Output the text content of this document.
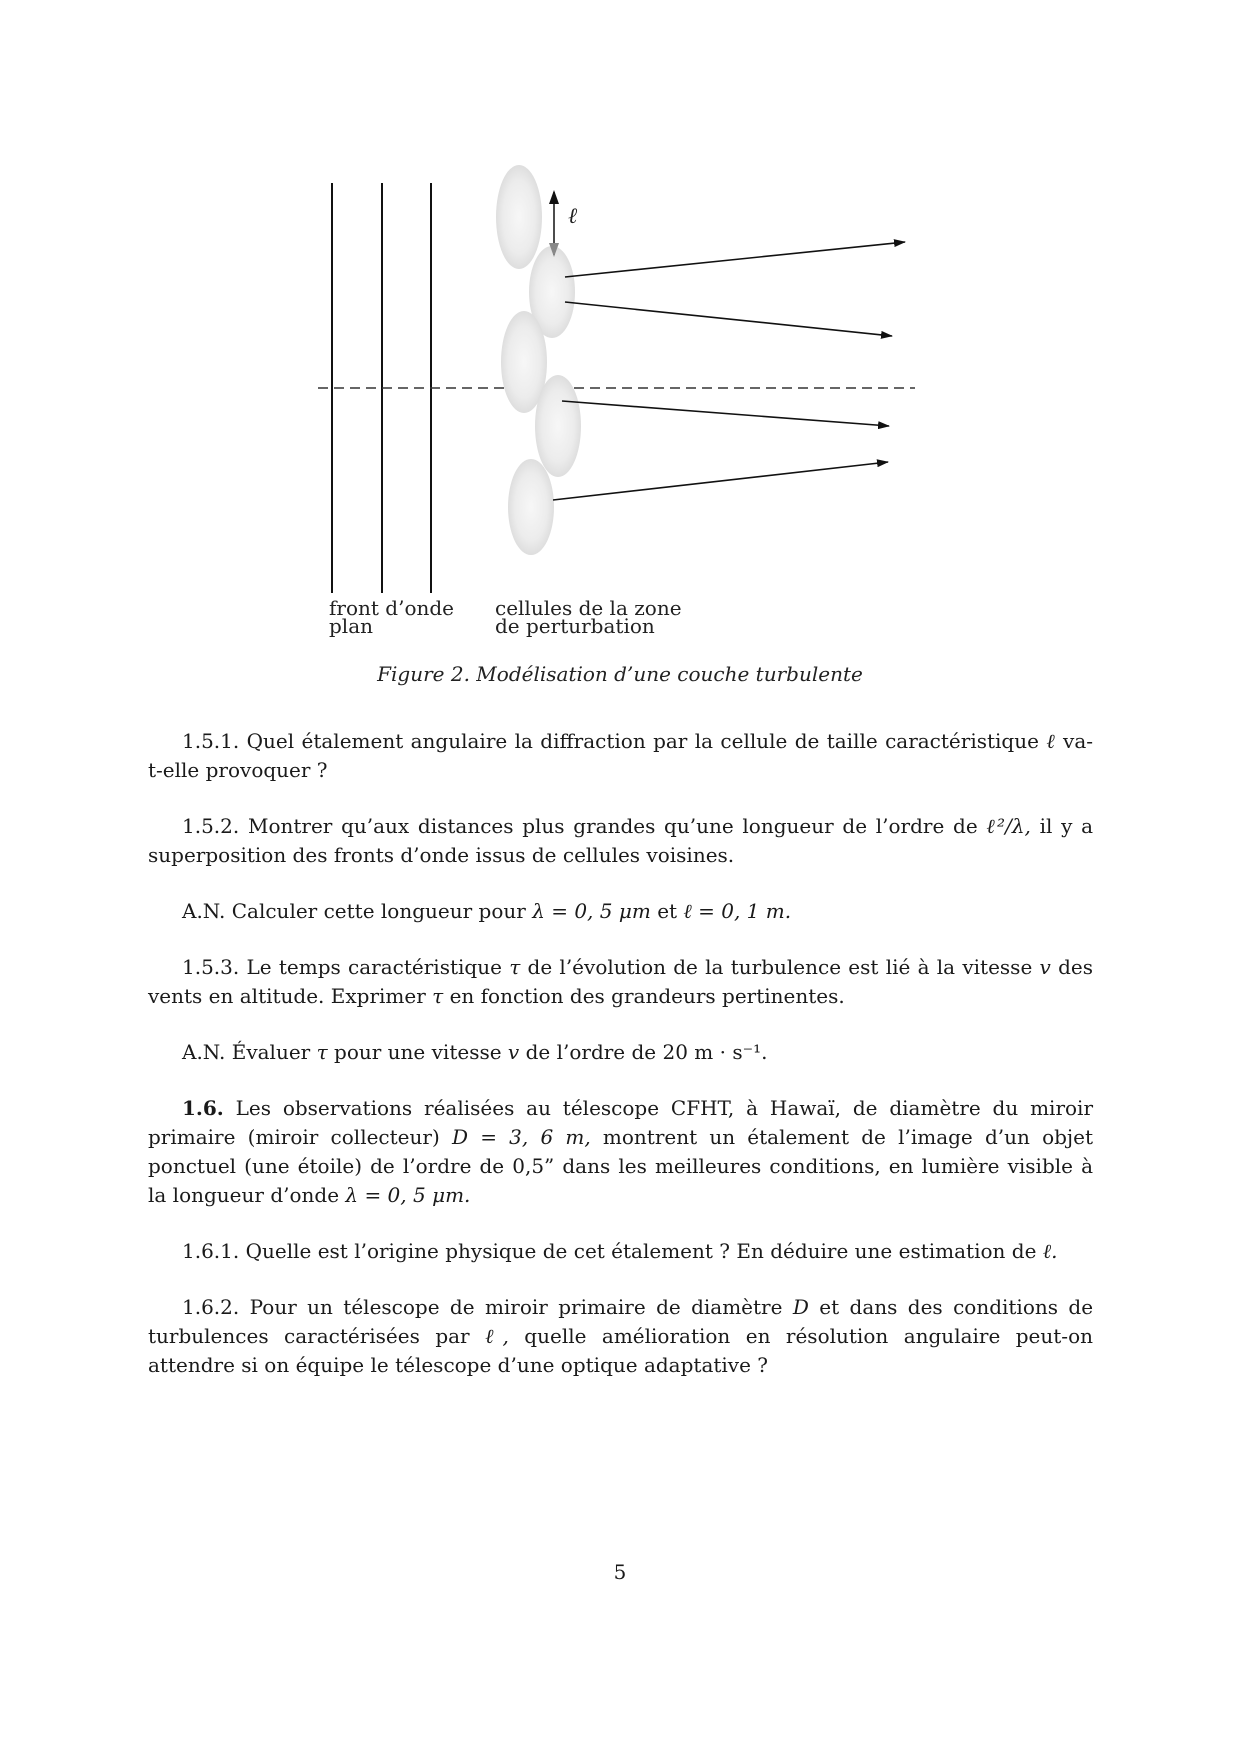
ℓ
front d’onde
plan
cellules de la zone
de perturbation
Figure 2. Modélisation d’une couche turbulente
1.5.1. Quel étalement angulaire la diffraction par la cellule de taille caractéristique ℓ va-t-elle provoquer ?
1.5.2. Montrer qu’aux distances plus grandes qu’une longueur de l’ordre de ℓ²/λ, il y a superposition des fronts d’onde issus de cellules voisines.
A.N. Calculer cette longueur pour λ = 0, 5 μm et ℓ = 0, 1 m.
1.5.3. Le temps caractéristique τ de l’évolution de la turbulence est lié à la vitesse v des vents en altitude. Exprimer τ en fonction des grandeurs pertinentes.
A.N. Évaluer τ pour une vitesse v de l’ordre de 20 m · s⁻¹.
1.6. Les observations réalisées au télescope CFHT, à Hawaï, de diamètre du miroir primaire (miroir collecteur) D = 3, 6 m, montrent un étalement de l’image d’un objet ponctuel (une étoile) de l’ordre de 0,5” dans les meilleures conditions, en lumière visible à la longueur d’onde λ = 0, 5 μm.
1.6.1. Quelle est l’origine physique de cet étalement ? En déduire une estimation de ℓ.
1.6.2. Pour un télescope de miroir primaire de diamètre D et dans des conditions de turbulences caractérisées par ℓ, quelle amélioration en résolution angulaire peut-on attendre si on équipe le télescope d’une optique adaptative ?
5
